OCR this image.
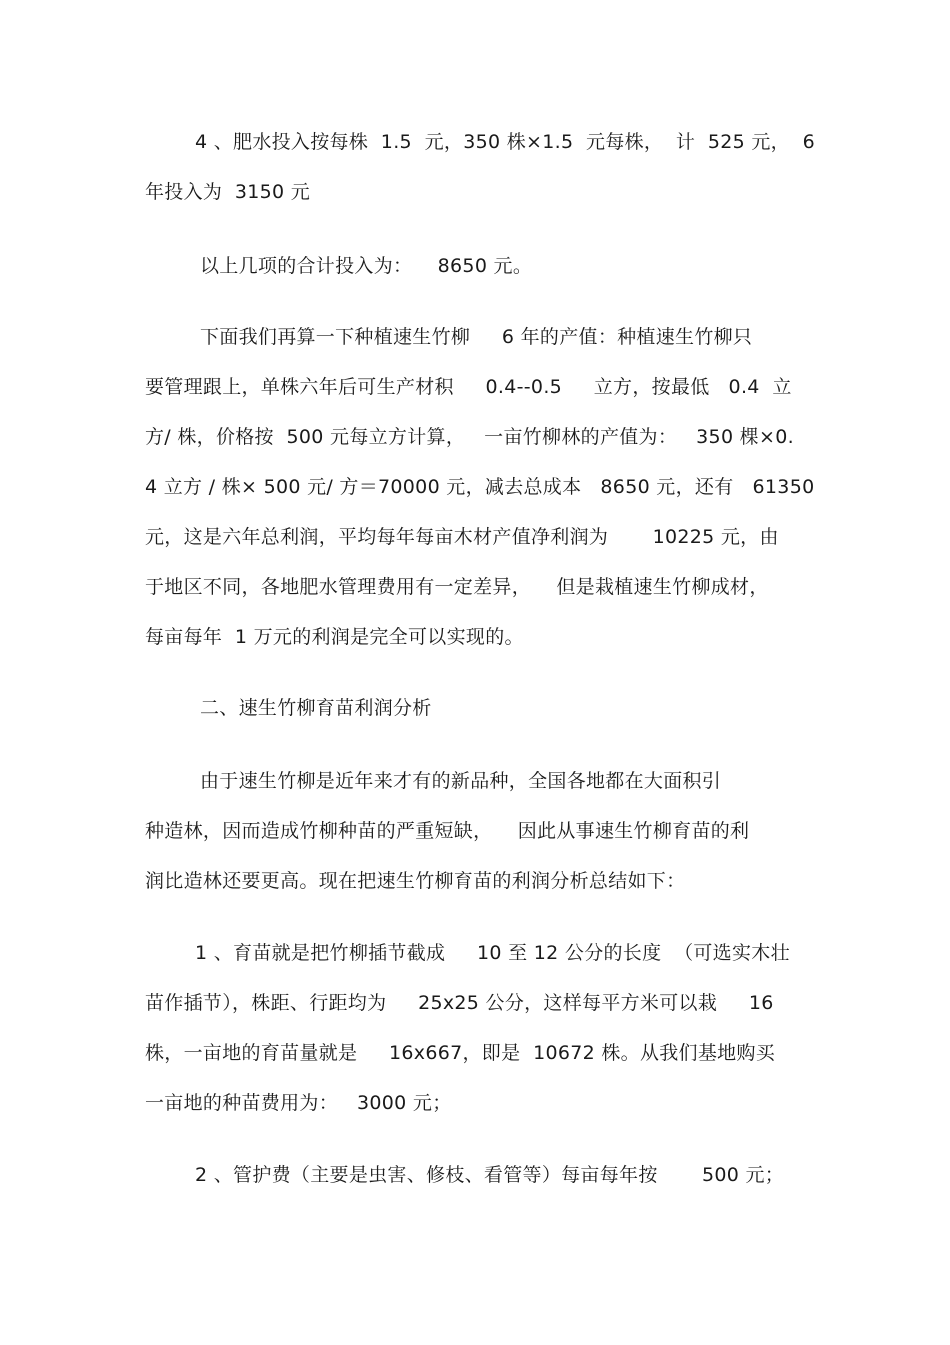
4 、肥水投入按每株  1.5  元，350 株×1.5  元每株，  计  525 元，  6
年投入为  3150 元
以上几项的合计投入为：    8650 元。
下面我们再算一下种植速生竹柳     6 年的产值：种植速生竹柳只
要管理跟上，单株六年后可生产材积     0.4--0.5     立方，按最低   0.4  立
方/ 株，价格按  500 元每立方计算，   一亩竹柳林的产值为：   350 棵×0.
4 立方 / 株× 500 元/ 方＝70000 元，减去总成本   8650 元，还有   61350
元，这是六年总利润，平均每年每亩木材产值净利润为       10225 元，由
于地区不同，各地肥水管理费用有一定差异，    但是栽植速生竹柳成材，
每亩每年  1 万元的利润是完全可以实现的。
二、速生竹柳育苗利润分析
由于速生竹柳是近年来才有的新品种，全国各地都在大面积引
种造林，因而造成竹柳种苗的严重短缺，    因此从事速生竹柳育苗的利
润比造林还要更高。现在把速生竹柳育苗的利润分析总结如下：
1 、育苗就是把竹柳插节截成     10 至 12 公分的长度  （可选实木壮
苗作插节），株距、行距均为     25x25 公分，这样每平方米可以栽     16
株，一亩地的育苗量就是     16x667，即是  10672 株。从我们基地购买
一亩地的种苗费用为：   3000 元；
2 、管护费（主要是虫害、修枝、看管等）每亩每年按       500 元；
